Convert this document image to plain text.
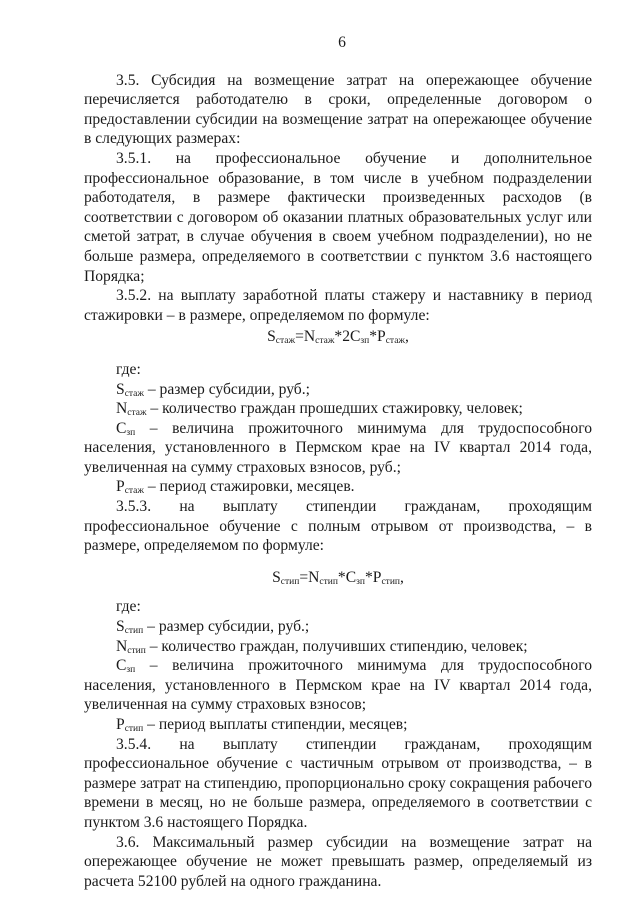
6

3.5. Субсидия на возмещение затрат на опережающее обучение перечисляется работодателю в сроки, определенные договором о предоставлении субсидии на возмещение затрат на опережающее обучение в следующих размерах:

3.5.1. на профессиональное обучение и дополнительное профессиональное образование, в том числе в учебном подразделении работодателя, в размере фактически произведенных расходов (в соответствии с договором об оказании платных образовательных услуг или сметой затрат, в случае обучения в своем учебном подразделении), но не больше размера, определяемого в соответствии с пунктом 3.6 настоящего Порядка;

3.5.2. на выплату заработной платы стажеру и наставнику в период стажировки – в размере, определяемом по формуле:

$S_{стаж}=N_{стаж}*2C_{зп}*P_{стаж}$,

где:

$S_{стаж}$ – размер субсидии, руб.;

$N_{стаж}$ – количество граждан прошедших стажировку, человек;

$C_{зп}$ – величина прожиточного минимума для трудоспособного населения, установленного в Пермском крае на IV квартал 2014 года, увеличенная на сумму страховых взносов, руб.;

$P_{стаж}$ – период стажировки, месяцев.

3.5.3. на выплату стипендии гражданам, проходящим профессиональное обучение с полным отрывом от производства, – в размере, определяемом по формуле:

$S_{стип}=N_{стип}*C_{зп}*P_{стип}$,

где:

$S_{стип}$ – размер субсидии, руб.;

$N_{стип}$ – количество граждан, получивших стипендию, человек;

$C_{зп}$ – величина прожиточного минимума для трудоспособного населения, установленного в Пермском крае на IV квартал 2014 года, увеличенная на сумму страховых взносов;

$P_{стип}$ – период выплаты стипендии, месяцев;

3.5.4. на выплату стипендии гражданам, проходящим профессиональное обучение с частичным отрывом от производства, – в размере затрат на стипендию, пропорционально сроку сокращения рабочего времени в месяц, но не больше размера, определяемого в соответствии с пунктом 3.6 настоящего Порядка.

3.6. Максимальный размер субсидии на возмещение затрат на опережающее обучение не может превышать размер, определяемый из расчета 52100 рублей на одного гражданина.
